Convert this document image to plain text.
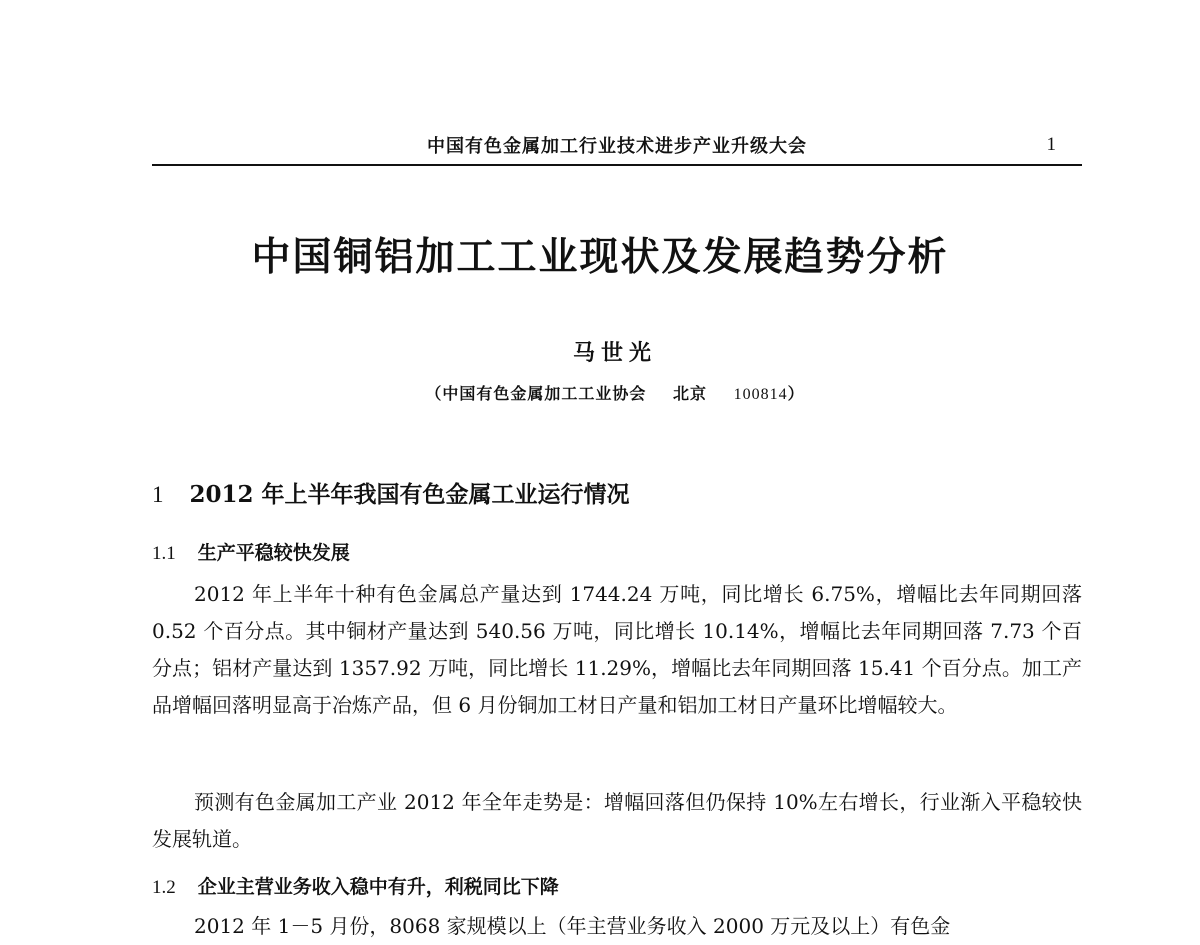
中国有色金属加工行业技术进步产业升级大会	1
中国铜铝加工工业现状及发展趋势分析
马世光
（中国有色金属加工工业协会 北京 100814）
1 2012 年上半年我国有色金属工业运行情况
1.1 生产平稳较快发展

2012 年上半年十种有色金属总产量达到 1744.24 万吨，同比增长 6.75%，增幅比去年同期回落 0.52 个百分点。其中铜材产量达到 540.56 万吨，同比增长 10.14%，增幅比去年同期回落 7.73 个百分点；铝材产量达到 1357.92 万吨，同比增长 11.29%，增幅比去年同期回落 15.41 个百分点。加工产品增幅回落明显高于冶炼产品，但 6 月份铜加工材日产量和铝加工材日产量环比增幅较大。

预测有色金属加工产业 2012 年全年走势是：增幅回落但仍保持 10%左右增长，行业渐入平稳较快发展轨道。

1.2 企业主营业务收入稳中有升，利税同比下降

2012 年 1－5 月份，8068 家规模以上（年主营业务收入 2000 万元及以上）有色金
